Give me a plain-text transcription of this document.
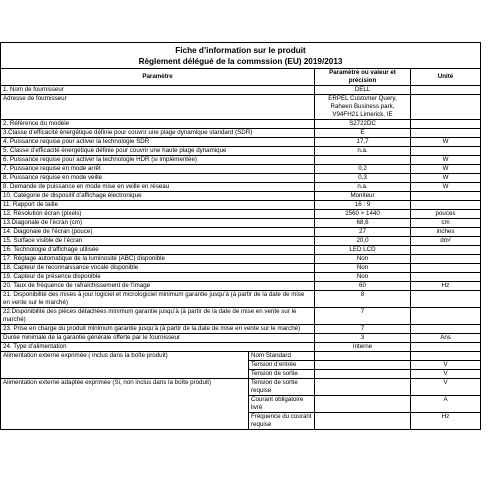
Fiche d’information sur le produit
Règlement délégué de la commssion (EU) 2019/2013			

Paramètre		Paramètre ou valeur et précision	Unité
1. Nom de fournisseur		DELL	
Adresse de fournisseur		ERPEL Customer Query,
Raheen Business park,
V94FH21 Limerick, IE	

2. Référence du modèle		S2722DC	
3.Classe d’efficacité énergétique définie pour couvrir une plage dynamique standard (SDR)		E	
4. Puissance requise pour activer la technologie SDR		17,7	W
5. Classe d’efficacité énergétique définie pour couvrir une haute plage dynamique		n.a.	
6. Puissance requise pour activer la technologie HDR (si implémentée)			W
7. Puissance requise en mode arrêt		0,2	W
8. Puissance requise en mode veille		0,3	W
8. Demande de puissance en mode mise en veille en réseau		n.a.	W
10. Catégorie de dispositif d’affichage électronique		Moniteur	
11. Rapport de taille		16 : 9	
12. Résolution écran (pixels)		2560 × 1440	pouces
13.Diagonale de l’écran (cm)		68,6	cm
14. Diagonale de l’écran (pouce)		27	inches
15. Surface visible de l’écran		20,0	dm²
16. Technologie d’affichage utilisée		LED LCD	
17. Réglage automatique de la luminosité (ABC) disponible		Non	
18. Capteur de reconnaissance vocale disponible		Non	
19. Capteur de présence disponible		Non	
20. Taux de fréquence de rafraîchissement de l’image		60	Hz
21. Disponibilité des mises à jour logiciel et micrologiciel minimum garantie jusqu’à (à partir de la date de mise en vente sur le marché)		8	
22.Disponibilité des pièces détachées minimum garantie jusqu’à (à partir de la date de mise en vente sur le marché)		7	
23. Prise en charge du produit minimum garantie jusqu’à (à partir de la date de mise en vente sur le marché)		7	
Durée minimale de la garantie générale offerte par le fournisseur		3	Ans
24. Type d’alimentation		Interne	
Alimentation externe exprimée ( inclus dans la boîte produit)	Nom Standard		
	Tension d’entrée		V
	Tension de sortie		V
Alimentation externe adaptée exprimée (Si, non inclus dans la boîte produit)	Tension de sortie requise		V
	Courant obligatoire livré		A
	Fréquence du courant requise		Hz
